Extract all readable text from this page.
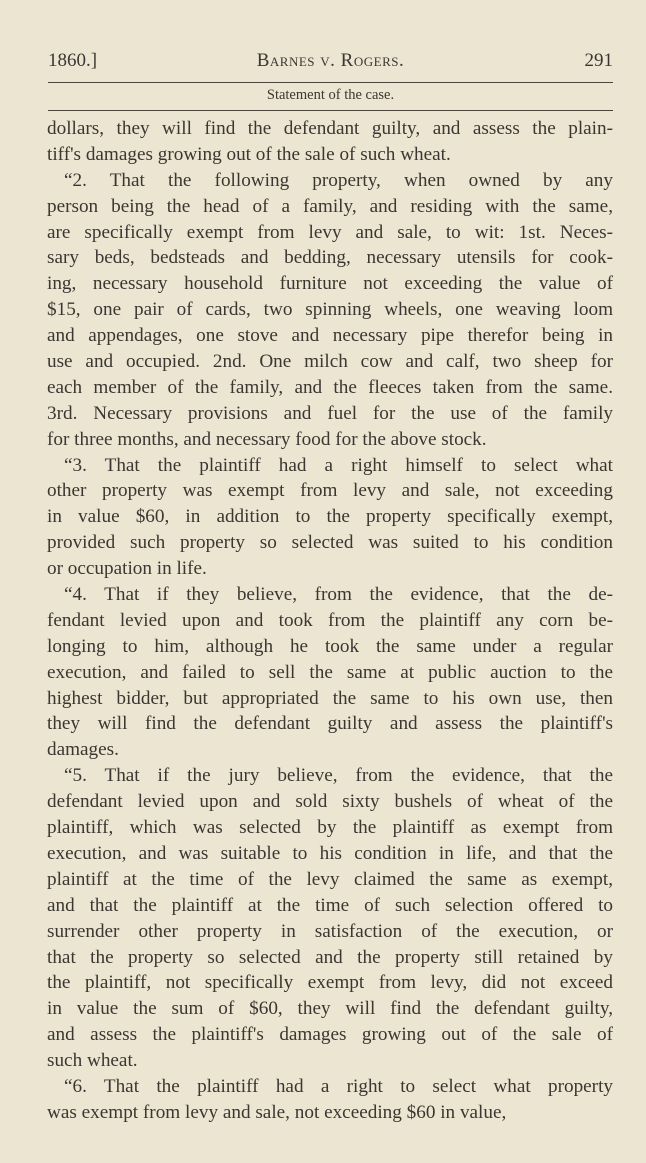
1860.]	Barnes v. Rogers.	291
Statement of the case.
dollars, they will find the defendant guilty, and assess the plain-
tiff's damages growing out of the sale of such wheat.
“2. That the following property, when owned by any
person being the head of a family, and residing with the same,
are specifically exempt from levy and sale, to wit: 1st. Neces-
sary beds, bedsteads and bedding, necessary utensils for cook-
ing, necessary household furniture not exceeding the value of
$15, one pair of cards, two spinning wheels, one weaving loom
and appendages, one stove and necessary pipe therefor being in
use and occupied. 2nd. One milch cow and calf, two sheep for
each member of the family, and the fleeces taken from the same.
3rd. Necessary provisions and fuel for the use of the family
for three months, and necessary food for the above stock.
“3. That the plaintiff had a right himself to select what
other property was exempt from levy and sale, not exceeding
in value $60, in addition to the property specifically exempt,
provided such property so selected was suited to his condition
or occupation in life.
“4. That if they believe, from the evidence, that the de-
fendant levied upon and took from the plaintiff any corn be-
longing to him, although he took the same under a regular
execution, and failed to sell the same at public auction to the
highest bidder, but appropriated the same to his own use, then
they will find the defendant guilty and assess the plaintiff's
damages.
“5. That if the jury believe, from the evidence, that the
defendant levied upon and sold sixty bushels of wheat of the
plaintiff, which was selected by the plaintiff as exempt from
execution, and was suitable to his condition in life, and that the
plaintiff at the time of the levy claimed the same as exempt,
and that the plaintiff at the time of such selection offered to
surrender other property in satisfaction of the execution, or
that the property so selected and the property still retained by
the plaintiff, not specifically exempt from levy, did not exceed
in value the sum of $60, they will find the defendant guilty,
and assess the plaintiff's damages growing out of the sale of
such wheat.
“6. That the plaintiff had a right to select what property
was exempt from levy and sale, not exceeding $60 in value,
